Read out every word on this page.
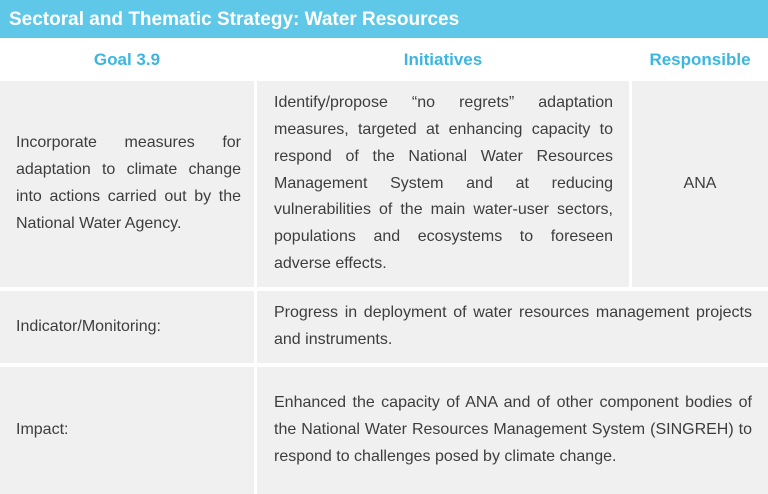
Sectoral and Thematic Strategy: Water Resources
Goal 3.9	Initiatives	Responsible
Incorporate measures for adaptation to climate change into actions carried out by the National Water Agency.
Identify/propose “no regrets” adaptation measures, targeted at enhancing capacity to respond of the National Water Resources Management System and at reducing vulnerabilities of the main water-user sectors, populations and ecosystems to foreseen adverse effects.
ANA
Indicator/Monitoring:
Progress in deployment of water resources management projects and instruments.
Impact:
Enhanced the capacity of ANA and of other component bodies of the National Water Resources Management System (SINGREH) to respond to challenges posed by climate change.
